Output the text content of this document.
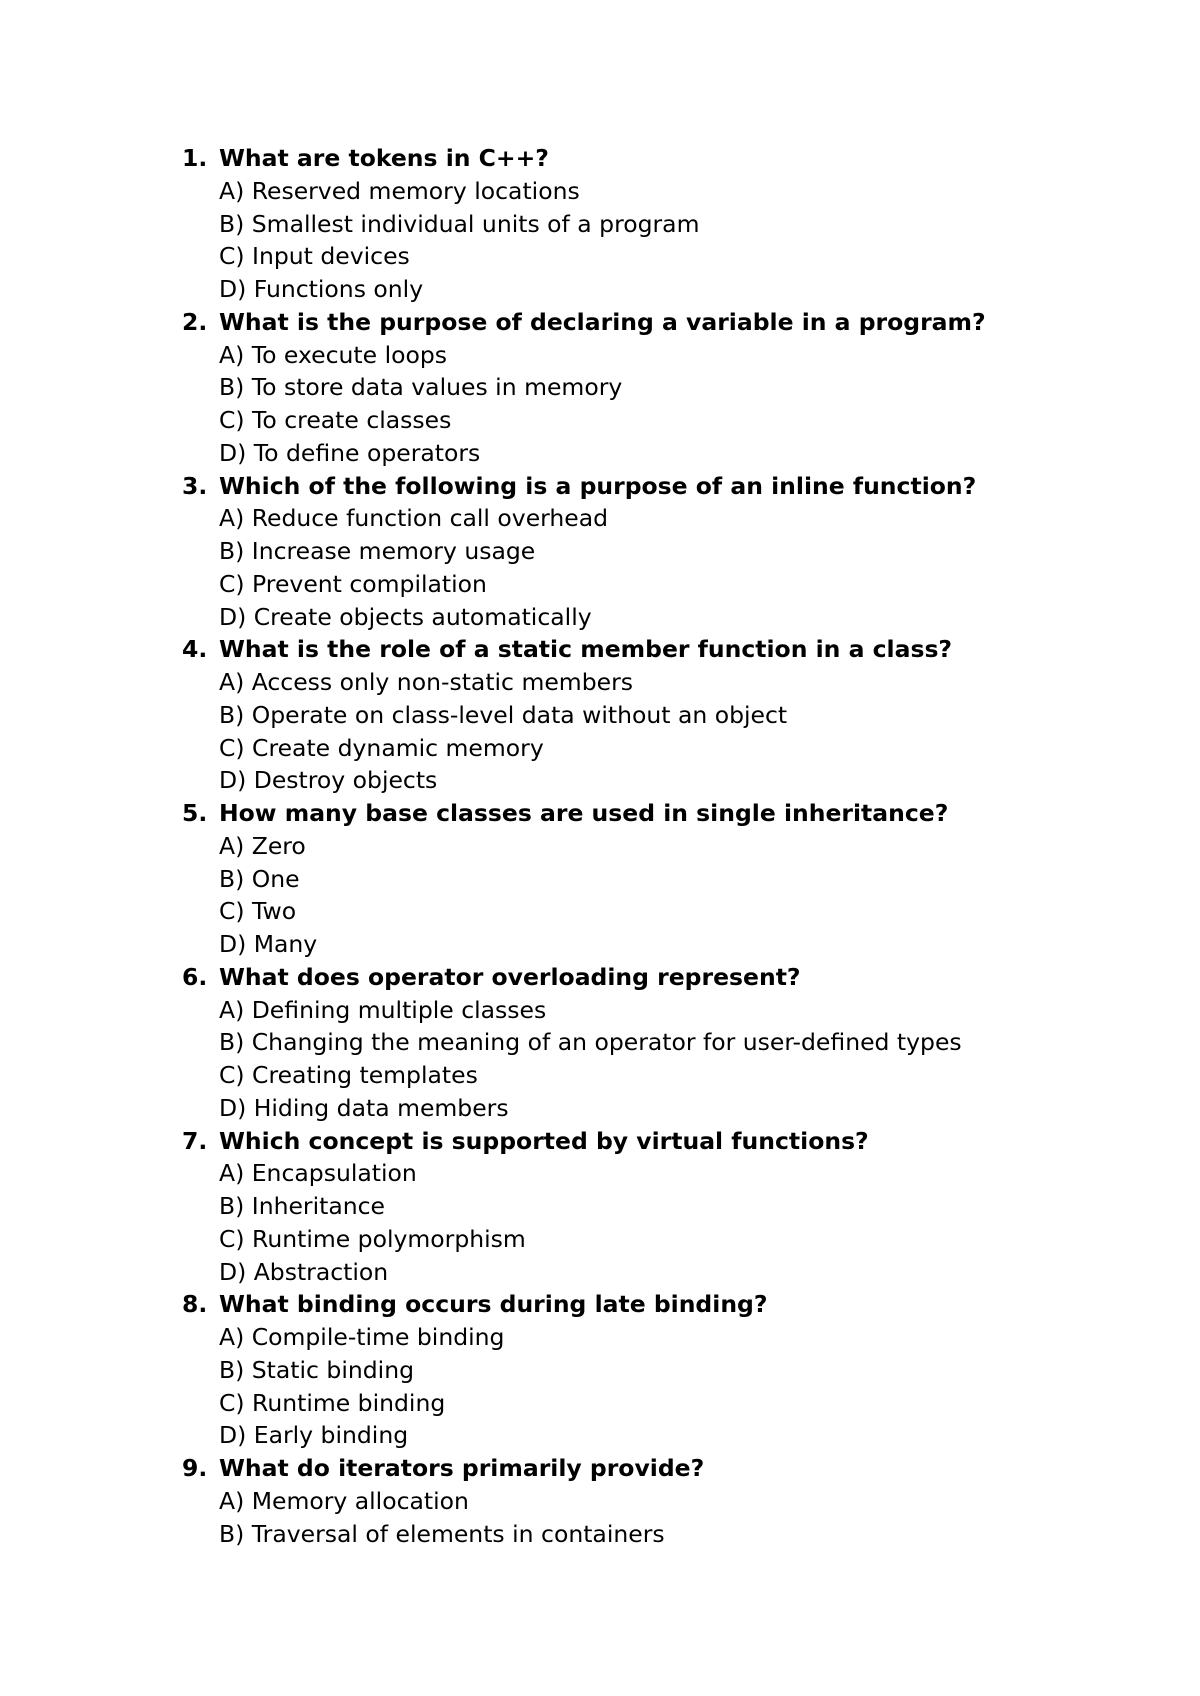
1. What are tokens in C++?
A) Reserved memory locations
B) Smallest individual units of a program
C) Input devices
D) Functions only
2. What is the purpose of declaring a variable in a program?
A) To execute loops
B) To store data values in memory
C) To create classes
D) To define operators
3. Which of the following is a purpose of an inline function?
A) Reduce function call overhead
B) Increase memory usage
C) Prevent compilation
D) Create objects automatically
4. What is the role of a static member function in a class?
A) Access only non-static members
B) Operate on class-level data without an object
C) Create dynamic memory
D) Destroy objects
5. How many base classes are used in single inheritance?
A) Zero
B) One
C) Two
D) Many
6. What does operator overloading represent?
A) Defining multiple classes
B) Changing the meaning of an operator for user-defined types
C) Creating templates
D) Hiding data members
7. Which concept is supported by virtual functions?
A) Encapsulation
B) Inheritance
C) Runtime polymorphism
D) Abstraction
8. What binding occurs during late binding?
A) Compile-time binding
B) Static binding
C) Runtime binding
D) Early binding
9. What do iterators primarily provide?
A) Memory allocation
B) Traversal of elements in containers
